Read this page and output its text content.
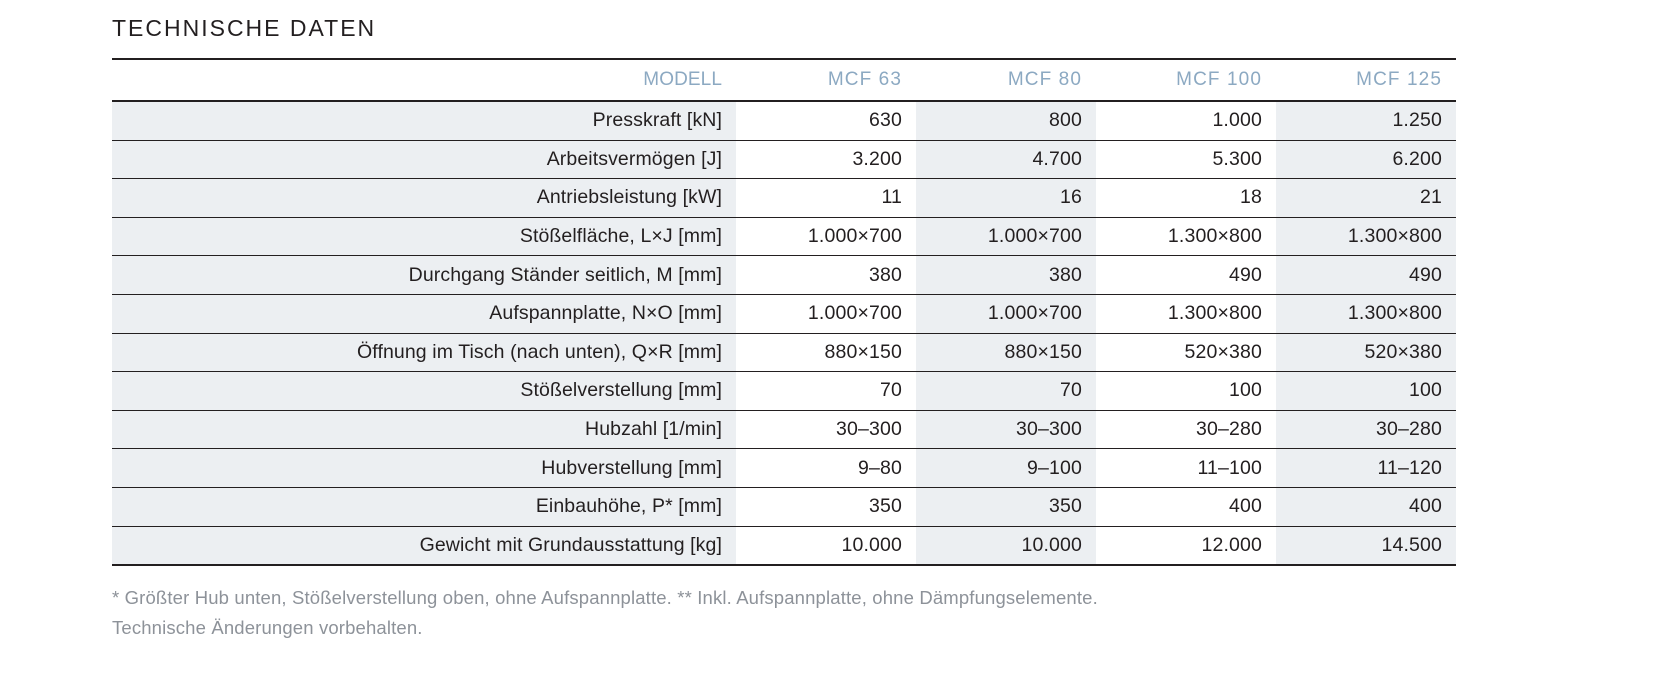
TECHNISCHE DATEN
MODELL	MCF 63	MCF 80	MCF 100	MCF 125
Presskraft [kN]	630	800	1.000	1.250
Arbeitsvermögen [J]	3.200	4.700	5.300	6.200
Antriebsleistung [kW]	11	16	18	21
Stößelfläche, L×J [mm]	1.000×700	1.000×700	1.300×800	1.300×800
Durchgang Ständer seitlich, M [mm]	380	380	490	490
Aufspannplatte, N×O [mm]	1.000×700	1.000×700	1.300×800	1.300×800
Öffnung im Tisch (nach unten), Q×R [mm]	880×150	880×150	520×380	520×380
Stößelverstellung [mm]	70	70	100	100
Hubzahl [1/min]	30–300	30–300	30–280	30–280
Hubverstellung [mm]	9–80	9–100	11–100	11–120
Einbauhöhe, P* [mm]	350	350	400	400
Gewicht mit Grundausstattung [kg]	10.000	10.000	12.000	14.500
* Größter Hub unten, Stößelverstellung oben, ohne Aufspannplatte. ** Inkl. Aufspannplatte, ohne Dämpfungselemente.
Technische Änderungen vorbehalten.
